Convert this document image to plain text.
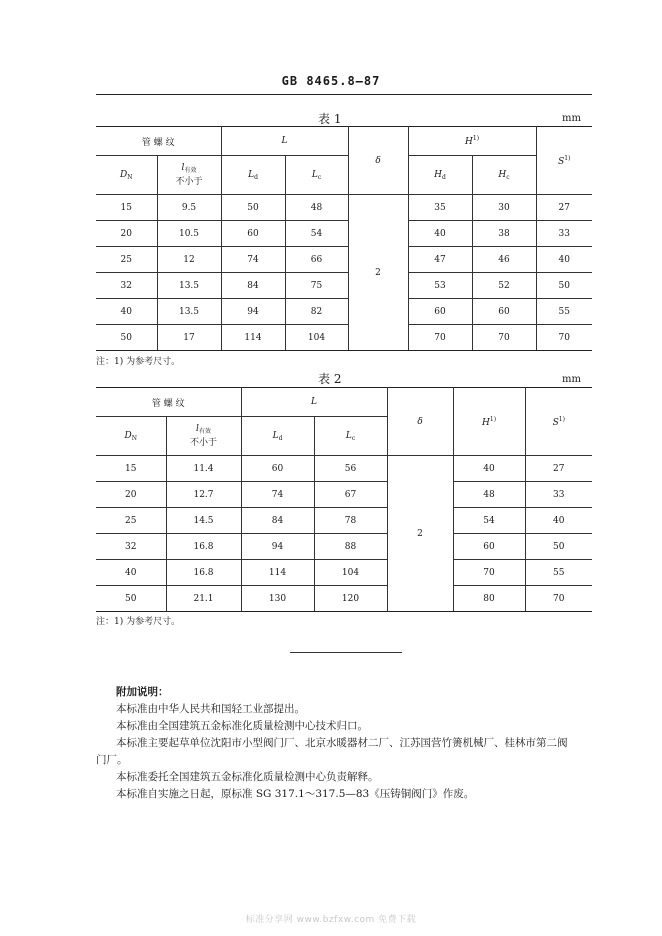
GB 8465.8—87
表 1	mm
管 螺 纹		L		δ	$H^{1)}$		$S^{1)}$
$D_N$	$l_{有效}$
不小于	$L_d$	$L_c$		$H_d$	$H_c$
15	9.5	50	48	2	35	30	27
20	10.5	60	54		40	38	33
25	12	74	66		47	46	40
32	13.5	84	75		53	52	50
40	13.5	94	82		60	60	55
50	17	114	104		70	70	70
注：1) 为参考尺寸。
表 2	mm
管 螺 纹		L		δ	$H^{1)}$	$S^{1)}$
$D_N$	$l_{有效}$
不小于	$L_d$	$L_c$
15	11.4	60	56	2	40	27
20	12.7	74	67		48	33
25	14.5	84	78		54	40
32	16.8	94	88		60	50
40	16.8	114	104		70	55
50	21.1	130	120		80	70
注：1) 为参考尺寸。
附加说明：
本标准由中华人民共和国轻工业部提出。
本标准由全国建筑五金标准化质量检测中心技术归口。
本标准主要起草单位沈阳市小型阀门厂、北京水暖器材二厂、江苏国营竹箦机械厂、桂林市第二阀
门厂。
本标准委托全国建筑五金标准化质量检测中心负责解释。
本标准自实施之日起，原标准 SG 317.1～317.5—83《压铸铜阀门》作废。
标准分享网 www.bzfxw.com 免费下载
